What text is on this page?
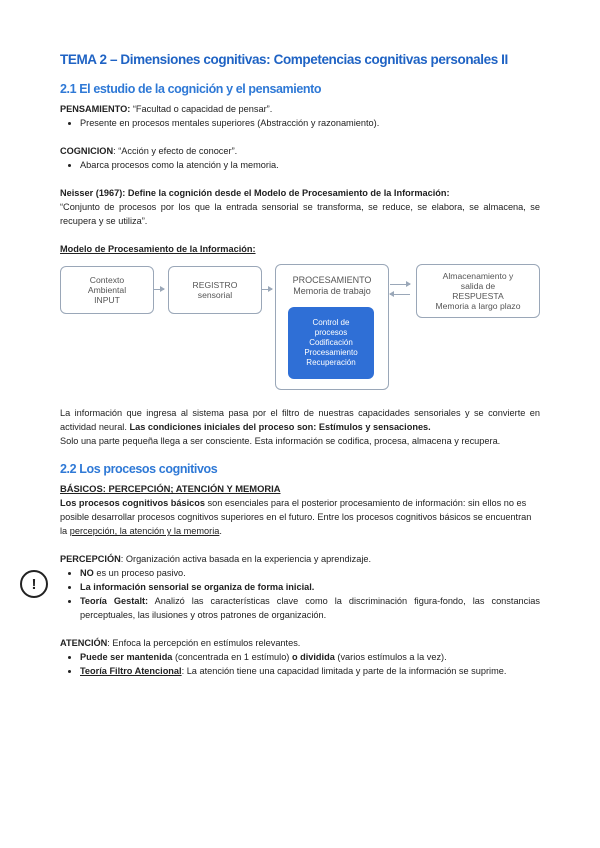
!
TEMA 2 – Dimensiones cognitivas: Competencias cognitivas personales II
2.1 El estudio de la cognición y el pensamiento

PENSAMIENTO: “Facultad o capacidad de pensar”.

• Presente en procesos mentales superiores (Abstracción y razonamiento).

COGNICION: “Acción y efecto de conocer”.

• Abarca procesos como la atención y la memoria.

Neisser (1967): Define la cognición desde el Modelo de Procesamiento de la Información:

“Conjunto de procesos por los que la entrada sensorial se transforma, se reduce, se elabora, se almacena, se recupera y se utiliza”.

Modelo de Procesamiento de la Información:

Contexto
Ambiental
INPUT
REGISTRO
sensorial
PROCESAMIENTO
Memoria de trabajo
Control de
procesos
Codificación
Procesamiento
Recuperación
Almacenamiento y
salida de
RESPUESTA
Memoria a largo plazo

La información que ingresa al sistema pasa por el filtro de nuestras capacidades sensoriales y se convierte en actividad neural. Las condiciones iniciales del proceso son: Estímulos y sensaciones.

Solo una parte pequeña llega a ser consciente. Esta información se codifica, procesa, almacena y recupera.

2.2 Los procesos cognitivos

BÁSICOS: PERCEPCIÓN; ATENCIÓN Y MEMORIA

Los procesos cognitivos básicos son esenciales para el posterior procesamiento de información: sin ellos no es posible desarrollar procesos cognitivos superiores en el futuro. Entre los procesos cognitivos básicos se encuentran la percepción, la atención y la memoria.

PERCEPCIÓN: Organización activa basada en la experiencia y aprendizaje.

• NO es un proceso pasivo.
• La información sensorial se organiza de forma inicial.
• Teoría Gestalt: Analizó las características clave como la discriminación figura-fondo, las constancias perceptuales, las ilusiones y otros patrones de organización.

ATENCIÓN: Enfoca la percepción en estímulos relevantes.

• Puede ser mantenida (concentrada en 1 estímulo) o dividida (varios estímulos a la vez).
• Teoría Filtro Atencional: La atención tiene una capacidad limitada y parte de la información se suprime.
